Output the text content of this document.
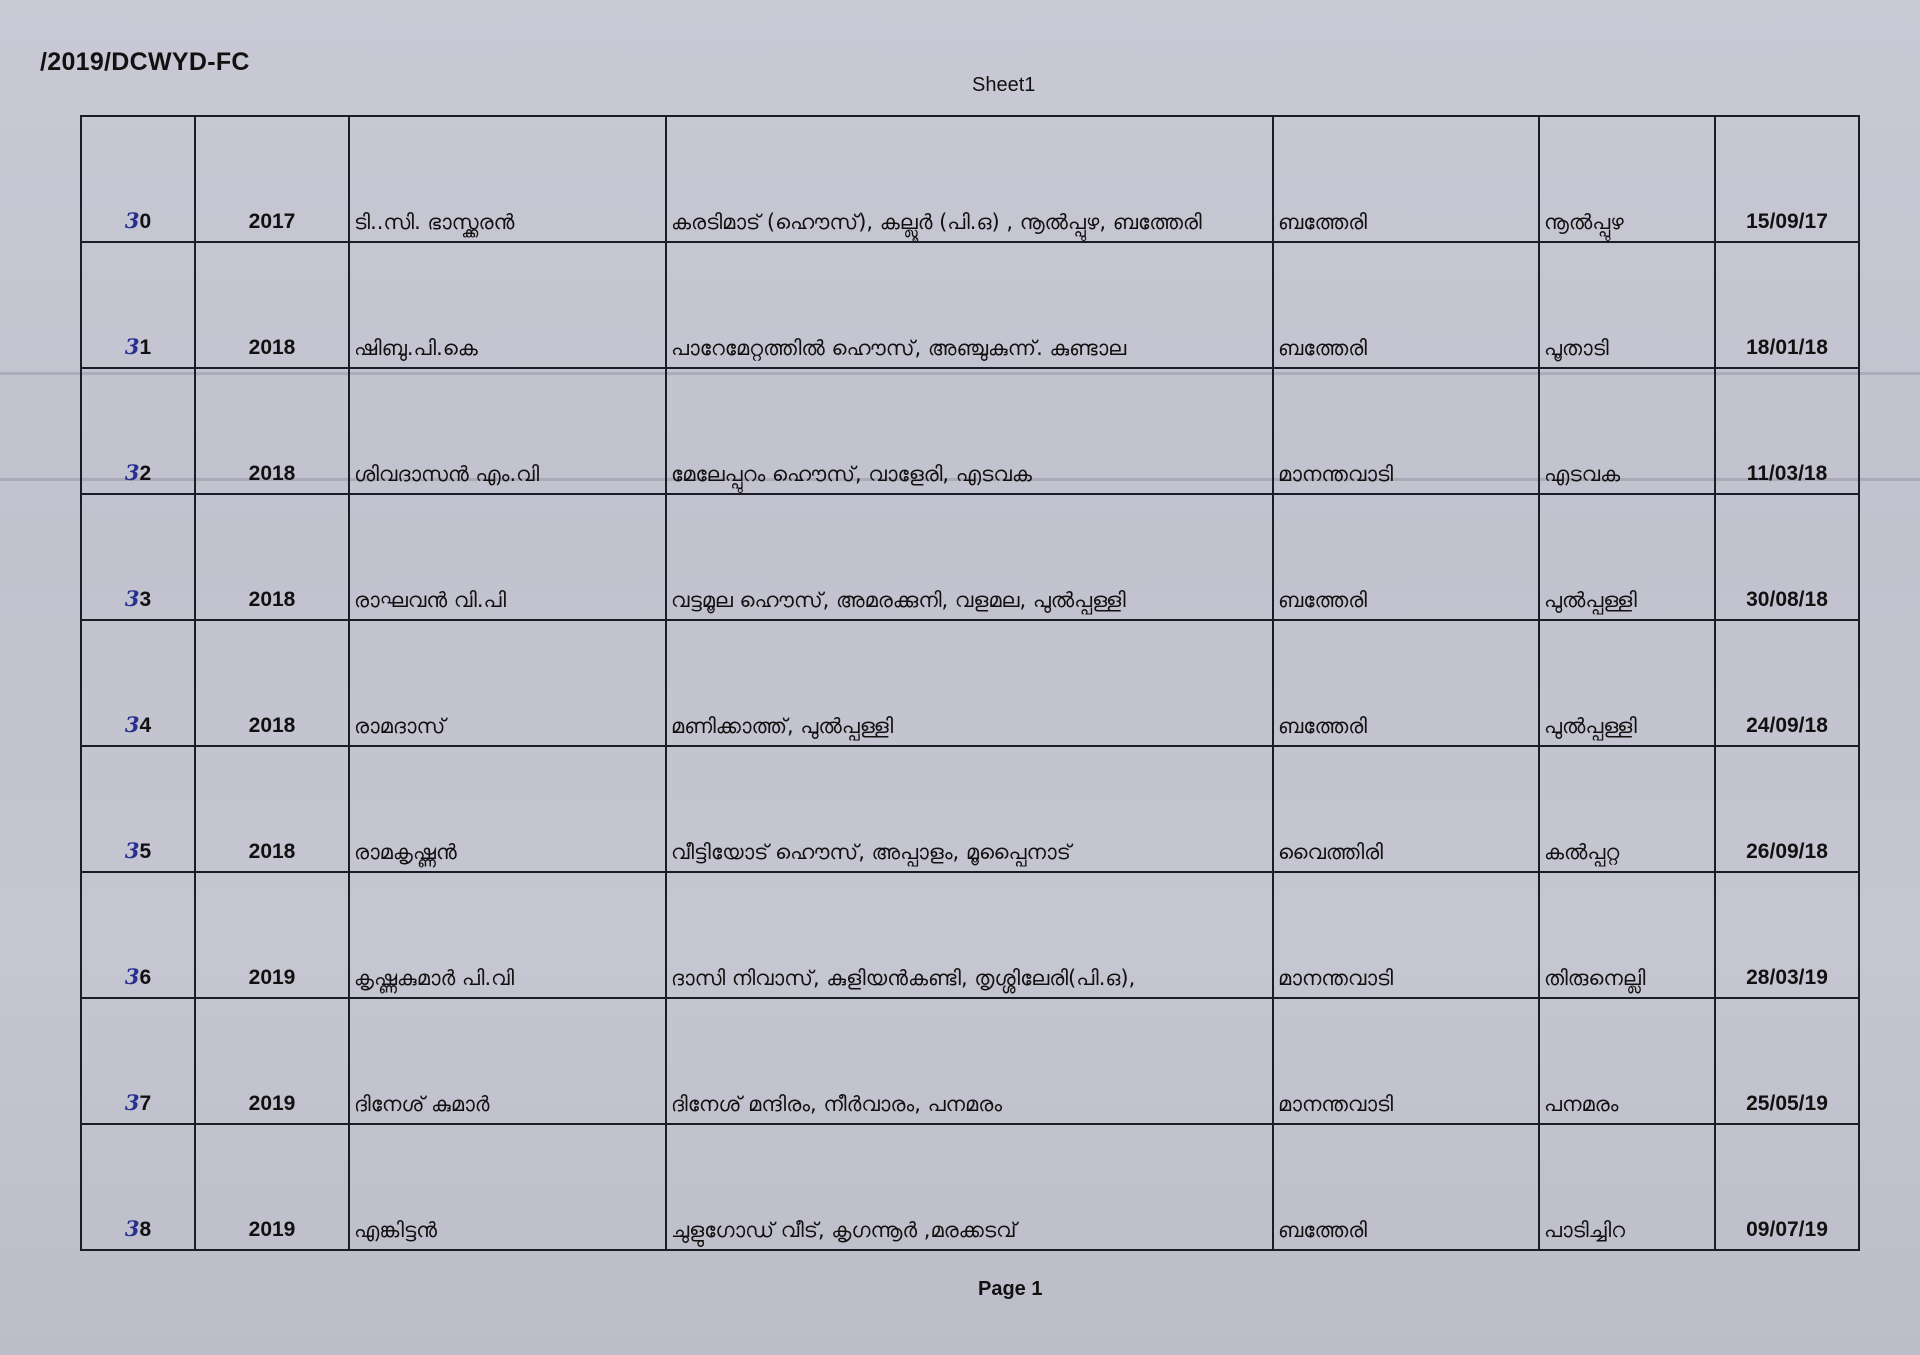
/2019/DCWYD-FC
Sheet1
30	2017	ടി..സി. ഭാസ്ക്കരൻ	കരടിമാട് (ഹൌസ്), കല്ലൂർ (പി.ഒ) , നൂൽപ്പുഴ, ബത്തേരി	ബത്തേരി	നൂൽപ്പുഴ	15/09/17
31	2018	ഷിബു.പി.കെ	പാറേമേറ്റത്തിൽ ഹൌസ്, അഞ്ചുകുന്ന്. കുണ്ടാല	ബത്തേരി	പൂതാടി	18/01/18
32	2018	ശിവദാസൻ എം.വി	മേലേപ്പുറം ഹൌസ്, വാളേരി, എടവക	മാനന്തവാടി	എടവക	11/03/18
33	2018	രാഘവൻ വി.പി	വട്ടമൂല ഹൌസ്, അമരക്കുനി, വളമല, പുൽപ്പള്ളി	ബത്തേരി	പുൽപ്പള്ളി	30/08/18
34	2018	രാമദാസ്	മണിക്കാത്ത്, പുൽപ്പള്ളി	ബത്തേരി	പുൽപ്പള്ളി	24/09/18
35	2018	രാമകൃഷ്ണൻ	വീട്ടിയോട് ഹൌസ്, അപ്പാളം, മൂപ്പൈനാട്	വൈത്തിരി	കൽപ്പറ്റ	26/09/18
36	2019	കൃഷ്ണകുമാർ പി.വി	ദാസി നിവാസ്, കുളിയൻകണ്ടി, തൃശ്ശിലേരി(പി.ഒ),	മാനന്തവാടി	തിരുനെല്ലി	28/03/19
37	2019	ദിനേശ് കുമാർ	ദിനേശ് മന്ദിരം, നീർവാരം, പനമരം	മാനന്തവാടി	പനമരം	25/05/19
38	2019	എങ്കിട്ടൻ	ചുളുഗോഡ് വീട്, കൃഗന്നൂർ ,മരക്കടവ്	ബത്തേരി	പാടിച്ചിറ	09/07/19
Page 1
